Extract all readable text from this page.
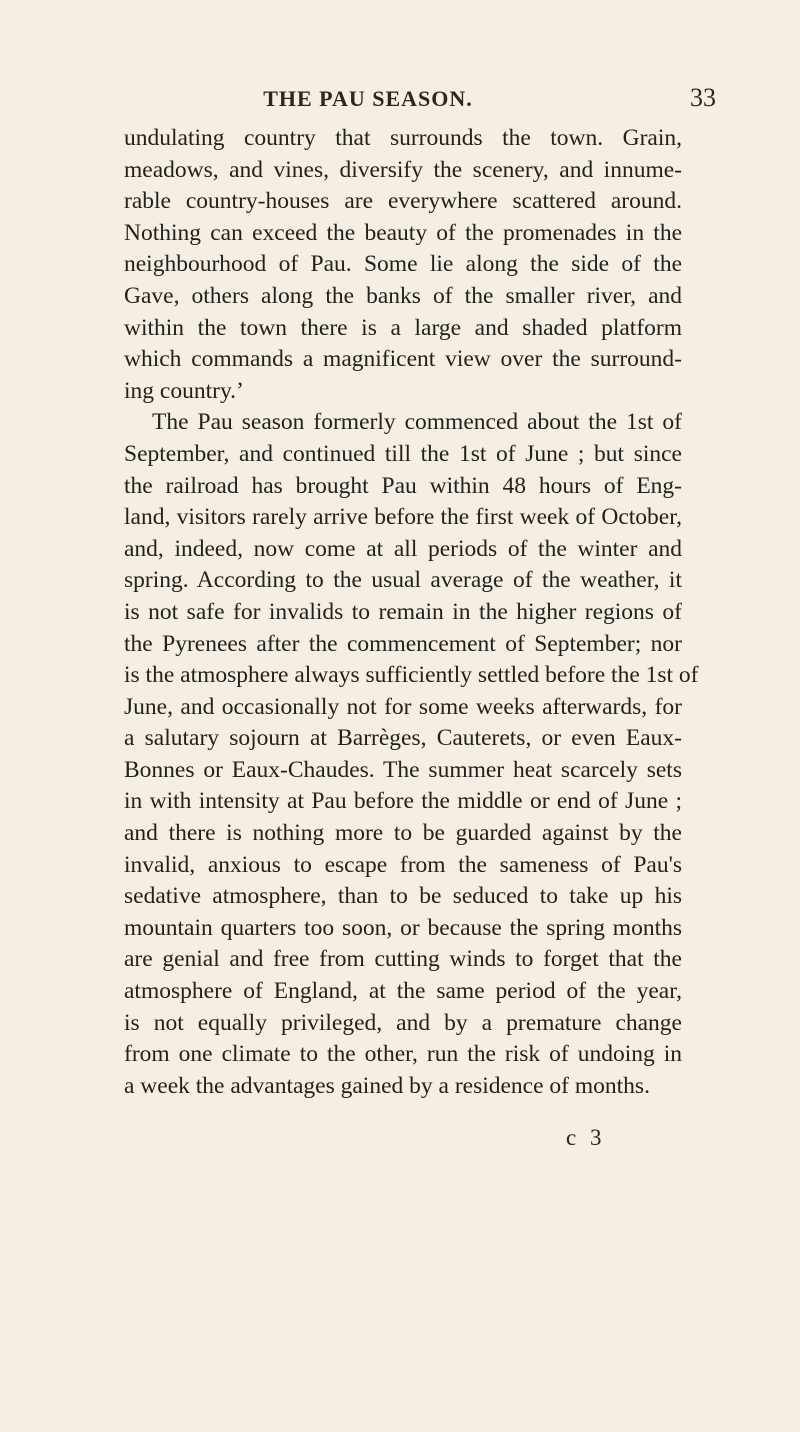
THE PAU SEASON.	33
undulating country that surrounds the town. Grain,
meadows, and vines, diversify the scenery, and innume-
rable country-houses are everywhere scattered around.
Nothing can exceed the beauty of the promenades in the
neighbourhood of Pau. Some lie along the side of the
Gave, others along the banks of the smaller river, and
within the town there is a large and shaded platform
which commands a magnificent view over the surround-
ing country.’
The Pau season formerly commenced about the 1st of
September, and continued till the 1st of June ; but since
the railroad has brought Pau within 48 hours of Eng-
land, visitors rarely arrive before the first week of October,
and, indeed, now come at all periods of the winter and
spring. According to the usual average of the weather, it
is not safe for invalids to remain in the higher regions of
the Pyrenees after the commencement of September; nor
is the atmosphere always sufficiently settled before the 1st of
June, and occasionally not for some weeks afterwards, for
a salutary sojourn at Barrèges, Cauterets, or even Eaux-
Bonnes or Eaux-Chaudes. The summer heat scarcely sets
in with intensity at Pau before the middle or end of June ;
and there is nothing more to be guarded against by the
invalid, anxious to escape from the sameness of Pau's
sedative atmosphere, than to be seduced to take up his
mountain quarters too soon, or because the spring months
are genial and free from cutting winds to forget that the
atmosphere of England, at the same period of the year,
is not equally privileged, and by a premature change
from one climate to the other, run the risk of undoing in
a week the advantages gained by a residence of months.
c 3
